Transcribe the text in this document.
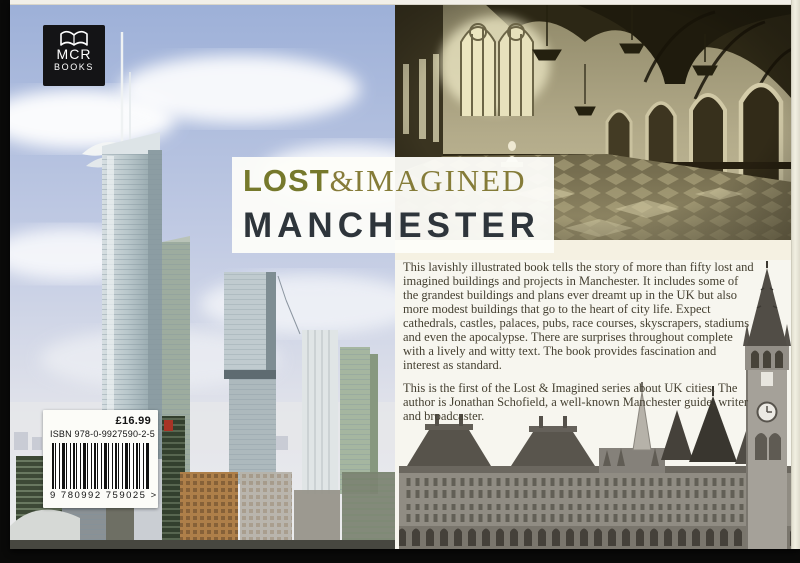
MCR
BOOKS

This lavishly illustrated book tells the story of more than fifty lost and imagined buildings and projects in Manchester. It includes some of the grandest buildings and plans ever dreamt up in the UK but also more modest buildings that go to the heart of city life. Expect cathedrals, castles, palaces, pubs, race courses, skyscrapers, stadiums and even the apocalypse. There are surprises throughout complete with a lively and witty text. The book provides fascination and interest as standard.

This is the first of the Lost & Imagined series about UK cities. The author is Jonathan Schofield, a well-known Manchester guide, writer and broadcaster.

LOST&IMAGINED
MANCHESTER
£16.99
ISBN 978-0-9927590-2-5
9 780992 759025 >
